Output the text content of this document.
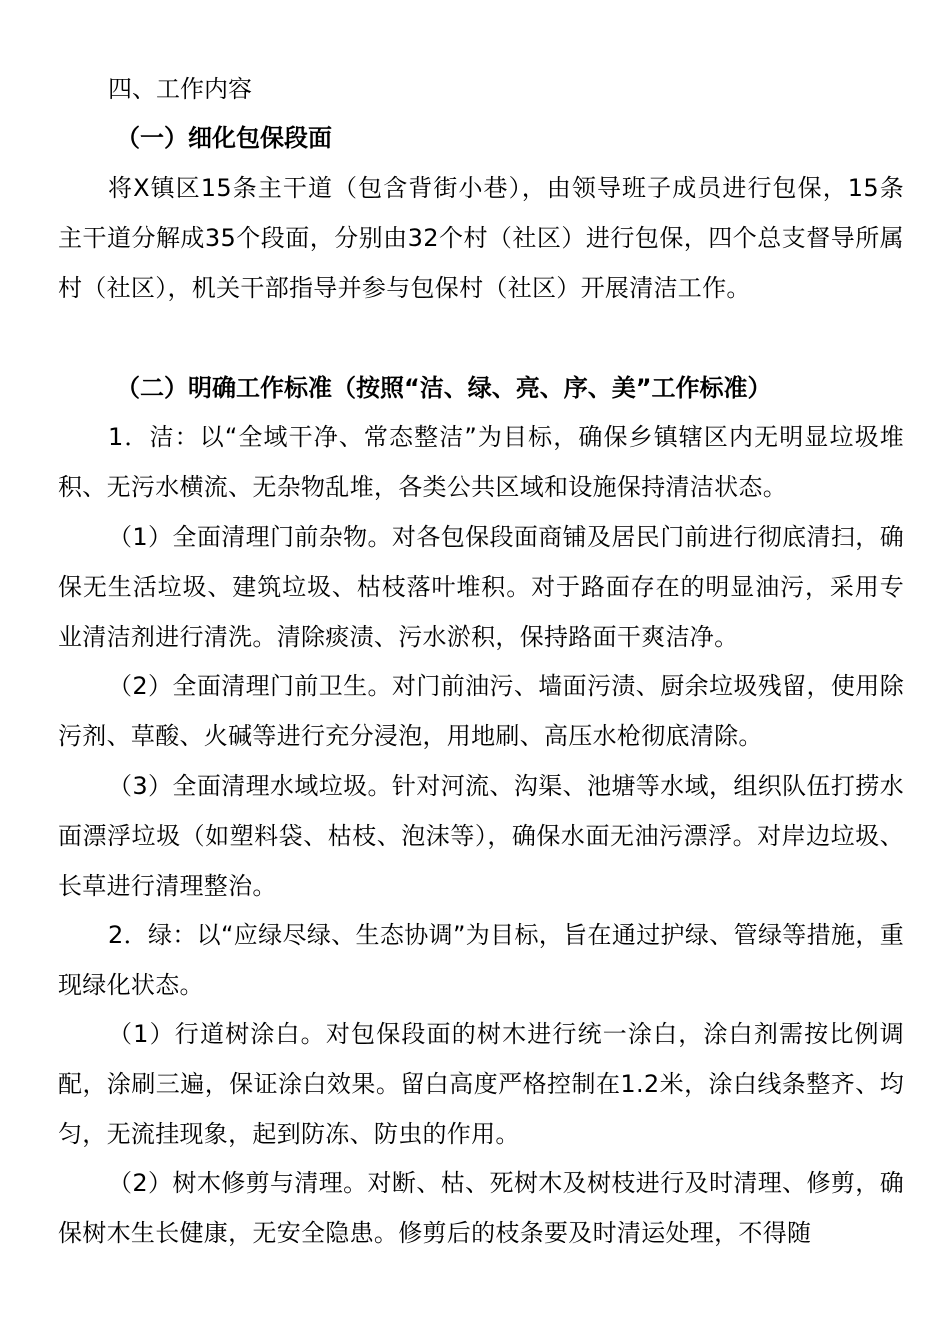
四、工作内容
（一）细化包保段面

将X镇区15条主干道（包含背街小巷），由领导班子成员进行包保，15条主干道分解成35个段面，分别由32个村（社区）进行包保，四个总支督导所属村（社区），机关干部指导并参与包保村（社区）开展清洁工作。

（二）明确工作标准（按照“洁、绿、亮、序、美”工作标准）

1．洁：以“全域干净、常态整洁”为目标，确保乡镇辖区内无明显垃圾堆积、无污水横流、无杂物乱堆，各类公共区域和设施保持清洁状态。

（1）全面清理门前杂物。对各包保段面商铺及居民门前进行彻底清扫，确保无生活垃圾、建筑垃圾、枯枝落叶堆积。对于路面存在的明显油污，采用专业清洁剂进行清洗。清除痰渍、污水淤积，保持路面干爽洁净。

（2）全面清理门前卫生。对门前油污、墙面污渍、厨余垃圾残留，使用除污剂、草酸、火碱等进行充分浸泡，用地刷、高压水枪彻底清除。

（3）全面清理水域垃圾。针对河流、沟渠、池塘等水域，组织队伍打捞水面漂浮垃圾（如塑料袋、枯枝、泡沫等），确保水面无油污漂浮。对岸边垃圾、长草进行清理整治。

2．绿：以“应绿尽绿、生态协调”为目标，旨在通过护绿、管绿等措施，重现绿化状态。

（1）行道树涂白。对包保段面的树木进行统一涂白，涂白剂需按比例调配，涂刷三遍，保证涂白效果。留白高度严格控制在1.2米，涂白线条整齐、均匀，无流挂现象，起到防冻、防虫的作用。

（2）树木修剪与清理。对断、枯、死树木及树枝进行及时清理、修剪，确保树木生长健康，无安全隐患。修剪后的枝条要及时清运处理，不得随
